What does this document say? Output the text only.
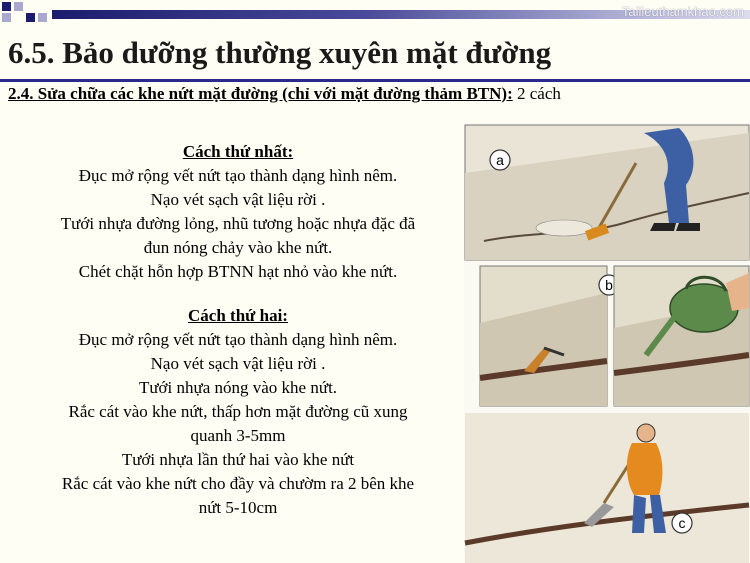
Tailieuthamkhao.com
6.5. Bảo dưỡng thường xuyên mặt đường
2.4. Sửa chữa các khe nứt mặt đường (chỉ với mặt đường thảm BTN): 2 cách
Cách thứ nhất:
Đục mở rộng vết nứt tạo thành dạng hình nêm.
Nạo vét sạch vật liệu rời .
Tưới nhựa đường lỏng, nhũ tương hoặc nhựa đặc đã
đun nóng chảy vào khe nứt.
Chét chặt hỗn hợp BTNN hạt nhỏ vào khe nứt.
Cách thứ hai:
Đục mở rộng vết nứt tạo thành dạng hình nêm.
Nạo vét sạch vật liệu rời .
Tưới nhựa nóng vào khe nứt.
Rắc cát vào khe nứt, thấp hơn mặt đường cũ xung
quanh 3-5mm
Tưới nhựa lần thứ hai vào khe nứt
Rắc cát vào khe nứt cho đầy và chườm ra 2 bên khe
nứt 5-10cm
a
b
c
